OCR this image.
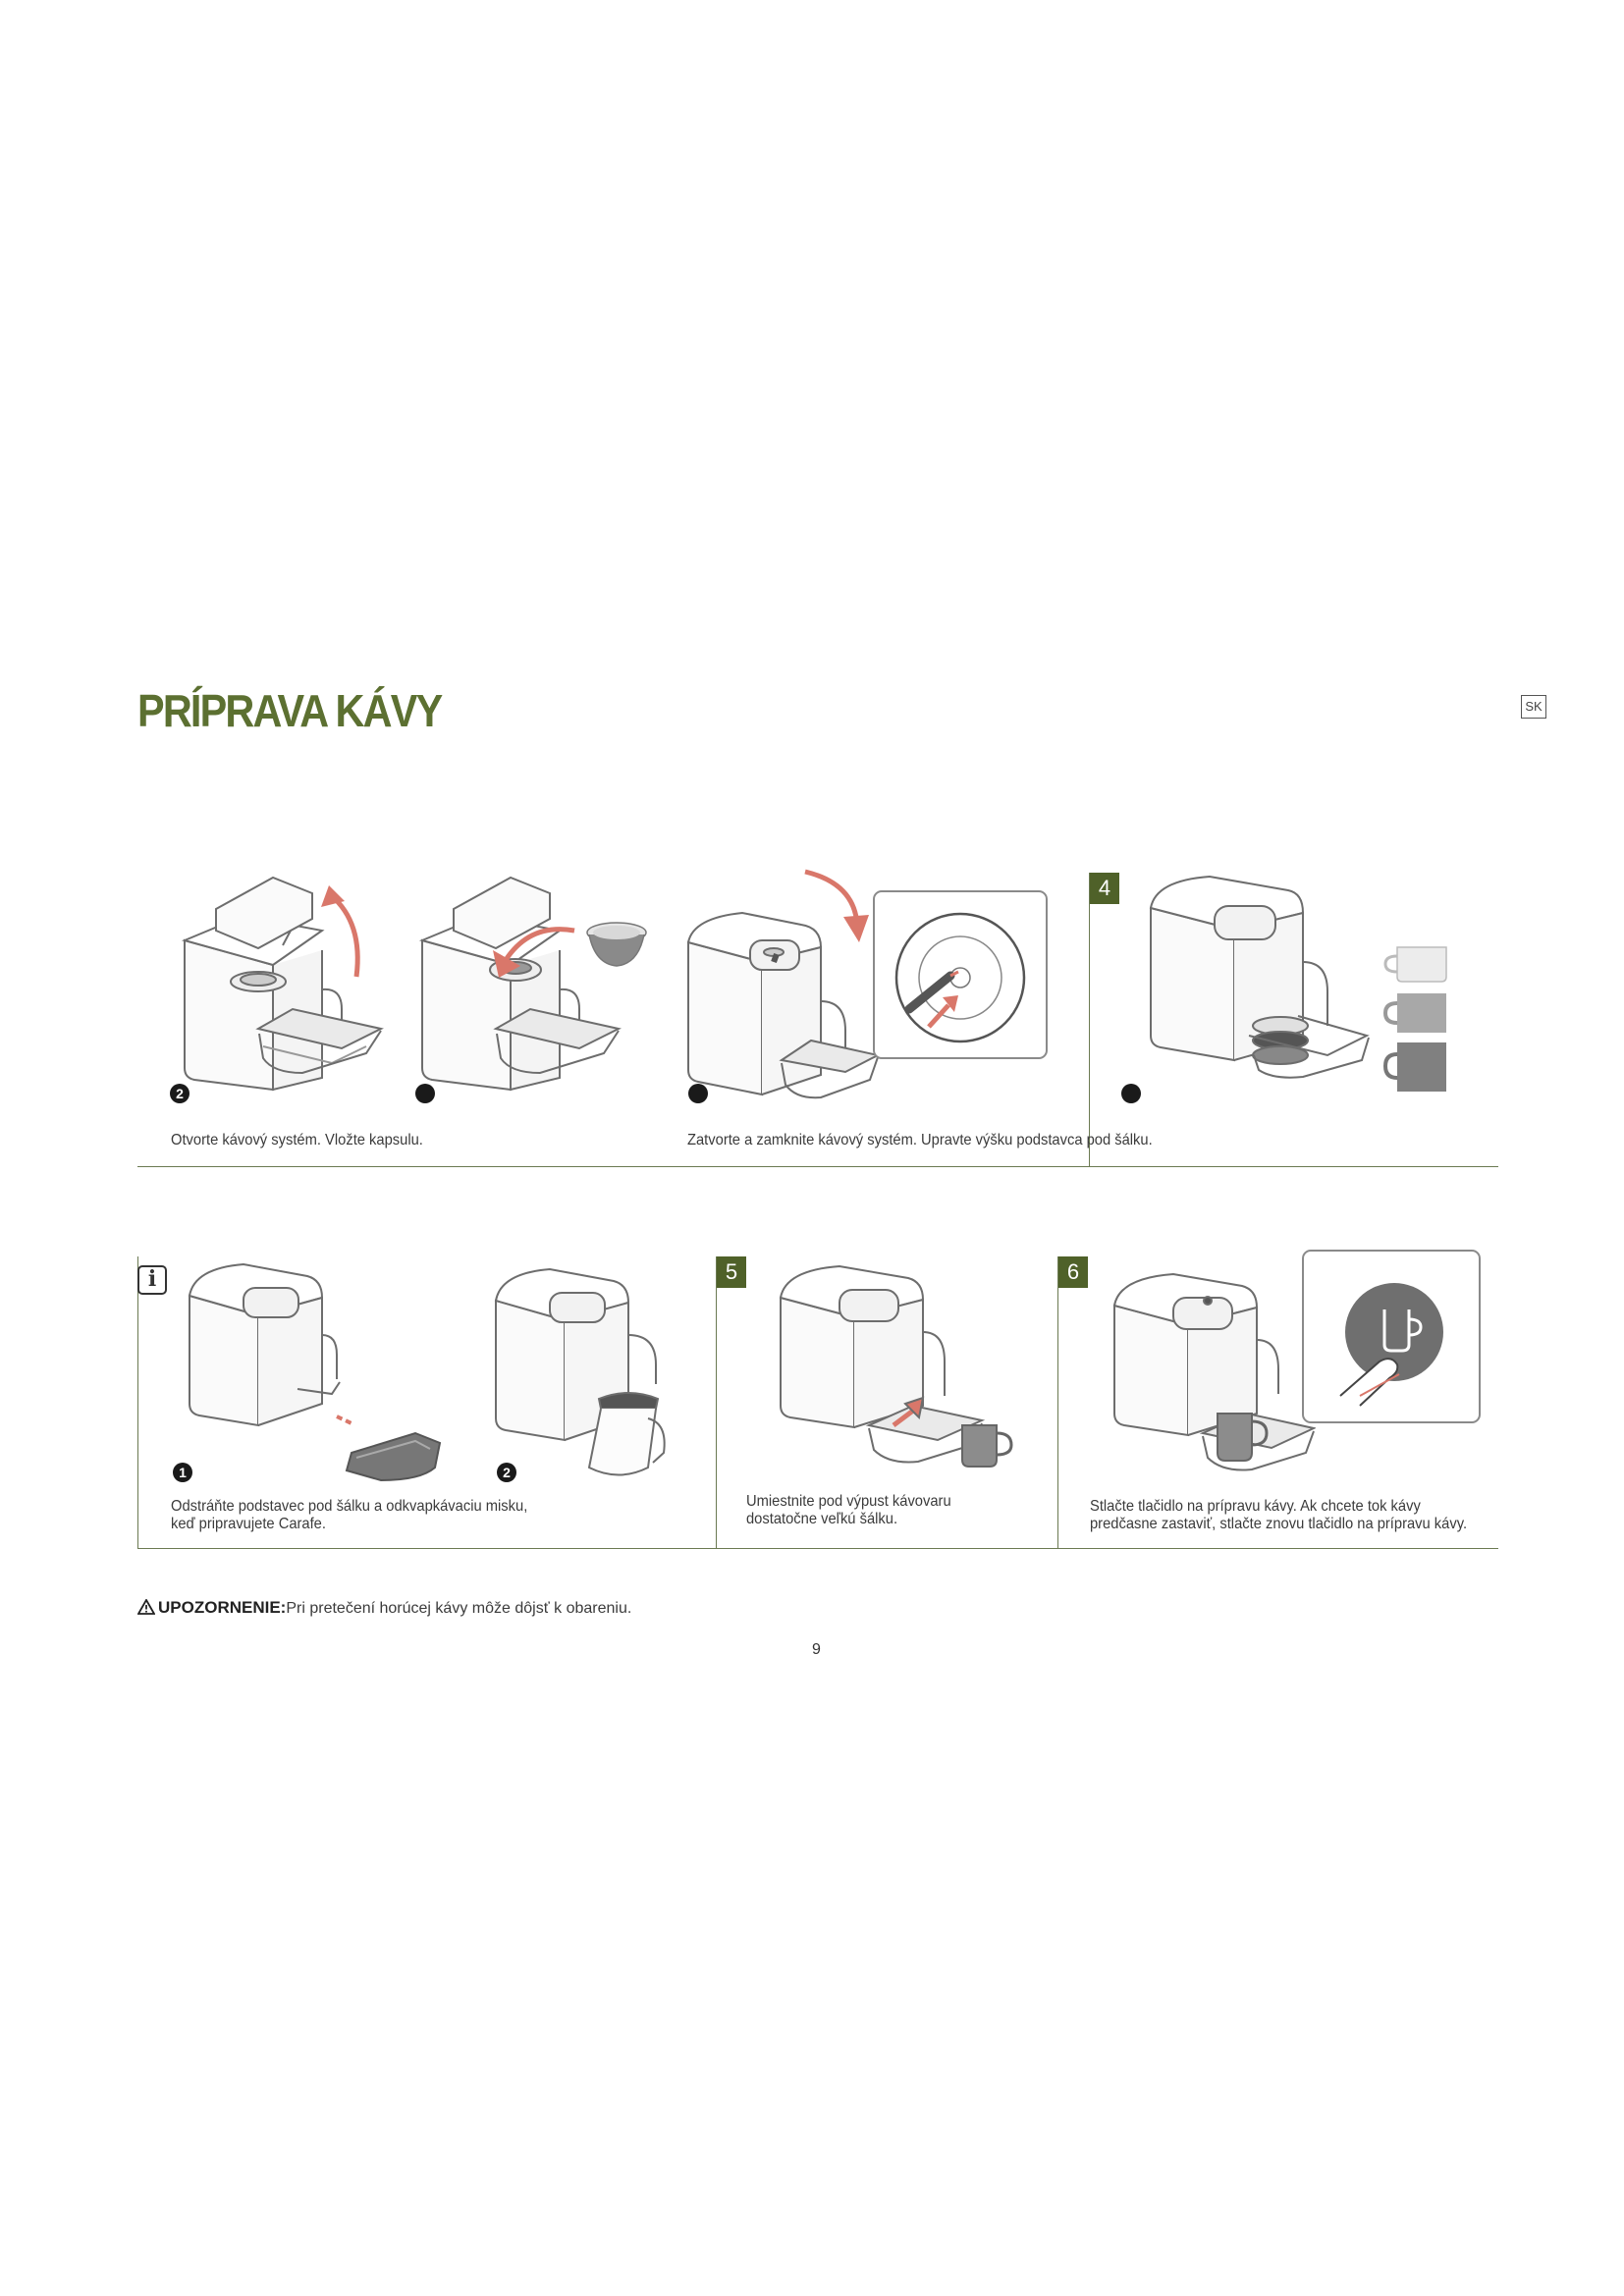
PRÍPRAVA KÁVY	SK
2
4
Otvorte kávový systém. Vložte kapsulu.	Zatvorte a zamknite kávový systém. Upravte výšku podstavca pod šálku.
i
1	2
Odstráňte podstavec pod šálku a odkvapkávaciu misku,
keď pripravujete Carafe.
5
Umiestnite pod výpust kávovaru
dostatočne veľkú šálku.
6
Stlačte tlačidlo na prípravu kávy. Ak chcete tok kávy
predčasne zastaviť, stlačte znovu tlačidlo na prípravu kávy.
UPOZORNENIE:Pri pretečení horúcej kávy môže dôjsť k obareniu.
9
